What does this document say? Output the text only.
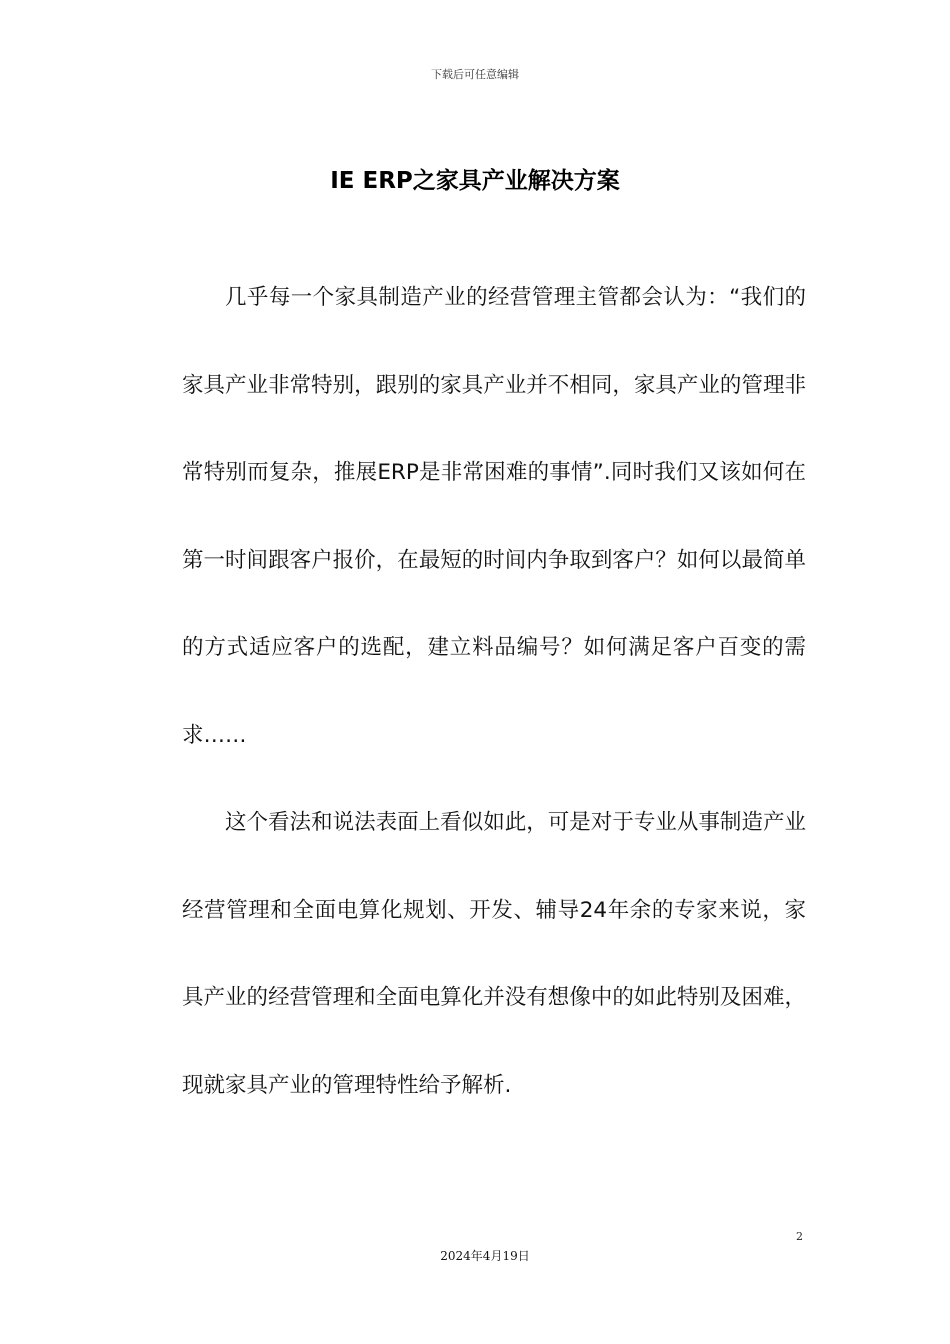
下载后可任意编辑
IE ERP之家具产业解决方案

几乎每一个家具制造产业的经营管理主管都会认为：“我们的家具产业非常特别，跟别的家具产业并不相同，家具产业的管理非常特别而复杂，推展ERP是非常困难的事情”.同时我们又该如何在第一时间跟客户报价，在最短的时间内争取到客户？如何以最简单的方式适应客户的选配，建立料品编号？如何满足客户百变的需求……

这个看法和说法表面上看似如此，可是对于专业从事制造产业经营管理和全面电算化规划、开发、辅导24年余的专家来说，家具产业的经营管理和全面电算化并没有想像中的如此特别及困难，现就家具产业的管理特性给予解析.

2
2024年4月19日
